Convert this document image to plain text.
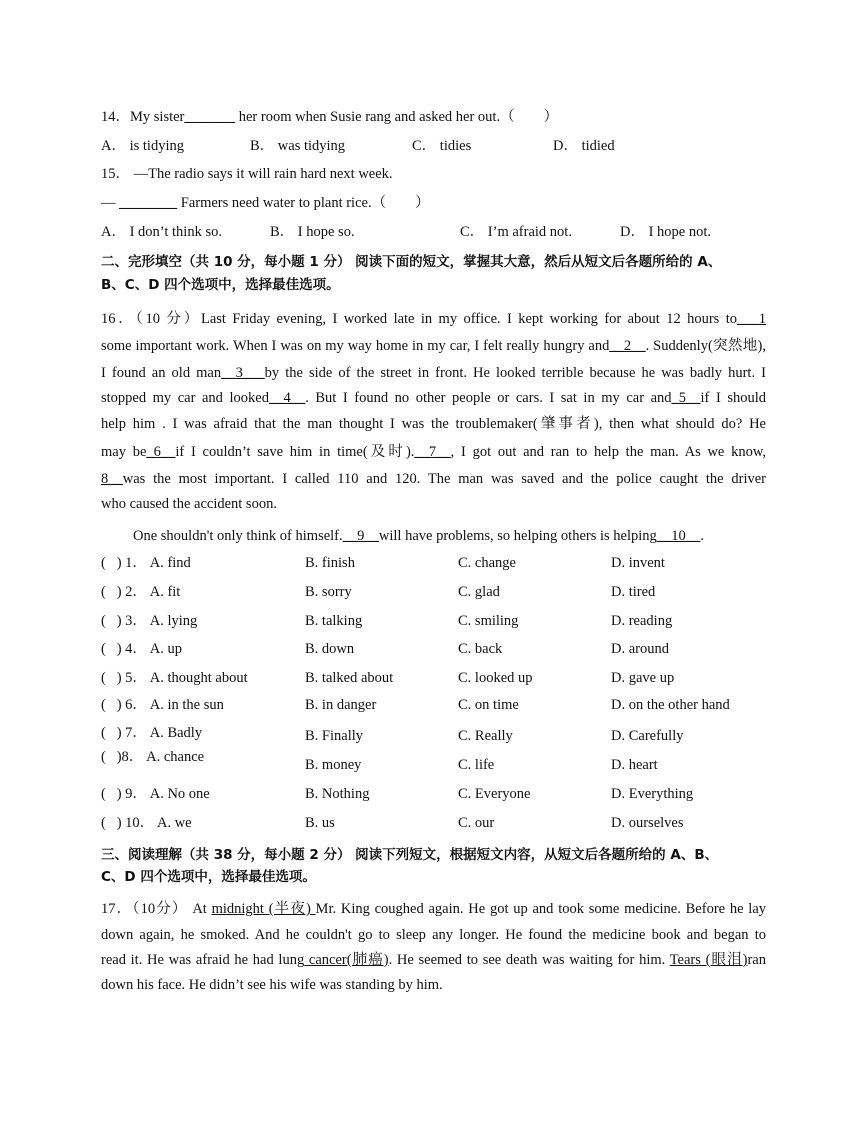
14．My sister_______ her room when Susie rang and asked her out.（        ）
A． is tidying	B． was tidying	C． tidies	D． tidied
15． —The radio says it will rain hard next week.
— ________ Farmers need water to plant rice.（        ）
A． I don’t think so.	B． I hope so.	C． I’m afraid not.	D． I hope not.
二、完形填空（共 10 分，每小题 1 分） 阅读下面的短文，掌握其大意，然后从短文后各题所给的 A、
B、C、D 四个选项中，选择最佳选项。
16．（10 分）Last Friday evening, I worked late in my office. I kept working for about 12 hours to___1
some important work. When I was on my way home in my car, I felt really hungry and__2__. Suddenly(突然地),
I found an old man__3___by the side of the street in front. He looked terrible because he was badly hurt. I
stopped my car and looked__4__. But I found no other people or cars. I sat in my car and_5__if I should
help him . I was afraid that the man thought I was the troublemaker(肇事者), then what should do? He
may be_6__if I couldn’t save him in time(及时).__7__, I got out and ran to help the man. As we know,
8__was the most important. I called 110 and 120. The man was saved and the police caught the driver
who caused the accident soon.
One shouldn't only think of himself.__9__will have problems, so helping others is helping__10__.
(   ) 1． A. find	B. finish	C. change	D. invent
(   ) 2． A. fit	B. sorry	C. glad	D. tired
(   ) 3． A. lying	B. talking	C. smiling	D. reading
(   ) 4． A. up	B. down	C. back	D. around
(   ) 5． A. thought about	B. talked about	C. looked up	D. gave up
(   ) 6． A. in the sun	B. in danger	C. on time	D. on the other hand
(   ) 7． A. Badly	B. Finally	C. Really	D. Carefully
(   )8． A. chance	B. money	C. life	D. heart
(   ) 9． A. No one	B. Nothing	C. Everyone	D. Everything
(   ) 10． A. we	B. us	C. our	D. ourselves
三、阅读理解（共 38 分，每小题 2 分） 阅读下列短文，根据短文内容，从短文后各题所给的 A、B、
C、D 四个选项中，选择最佳选项。
17．（10分） At midnight (半夜) Mr. King coughed again. He got up and took some medicine. Before he lay
down again, he smoked. And he couldn't go to sleep any longer. He found the medicine book and began to
read it. He was afraid he had lung cancer(肺癌). He seemed to see death was waiting for him. Tears (眼泪)ran
down his face. He didn’t see his wife was standing by him.
